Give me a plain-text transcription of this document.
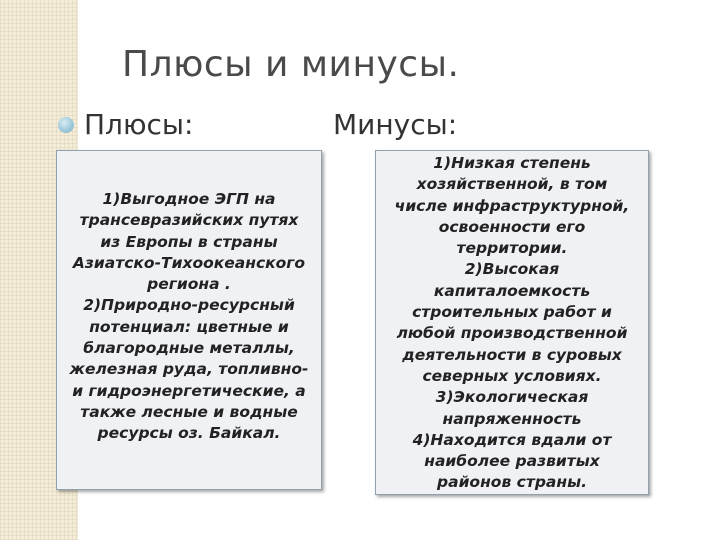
Плюсы и минусы.
Плюсы:	Минусы:
1)Выгодное ЭГП на
трансевразийских путях
из Европы в страны
Азиатско-Тихоокеанского
региона .
2)Природно-ресурсный
потенциал: цветные и
благородные металлы,
железная руда, топливно-
и гидроэнергетические, а
также лесные и водные
ресурсы оз. Байкал.
1)Низкая степень
хозяйственной, в том
числе инфраструктурной,
освоенности его
территории.
2)Высокая
капиталоемкость
строительных работ и
любой производственной
деятельности в суровых
северных условиях.
3)Экологическая
напряженность
4)Находится вдали от
наиболее развитых
районов страны.
